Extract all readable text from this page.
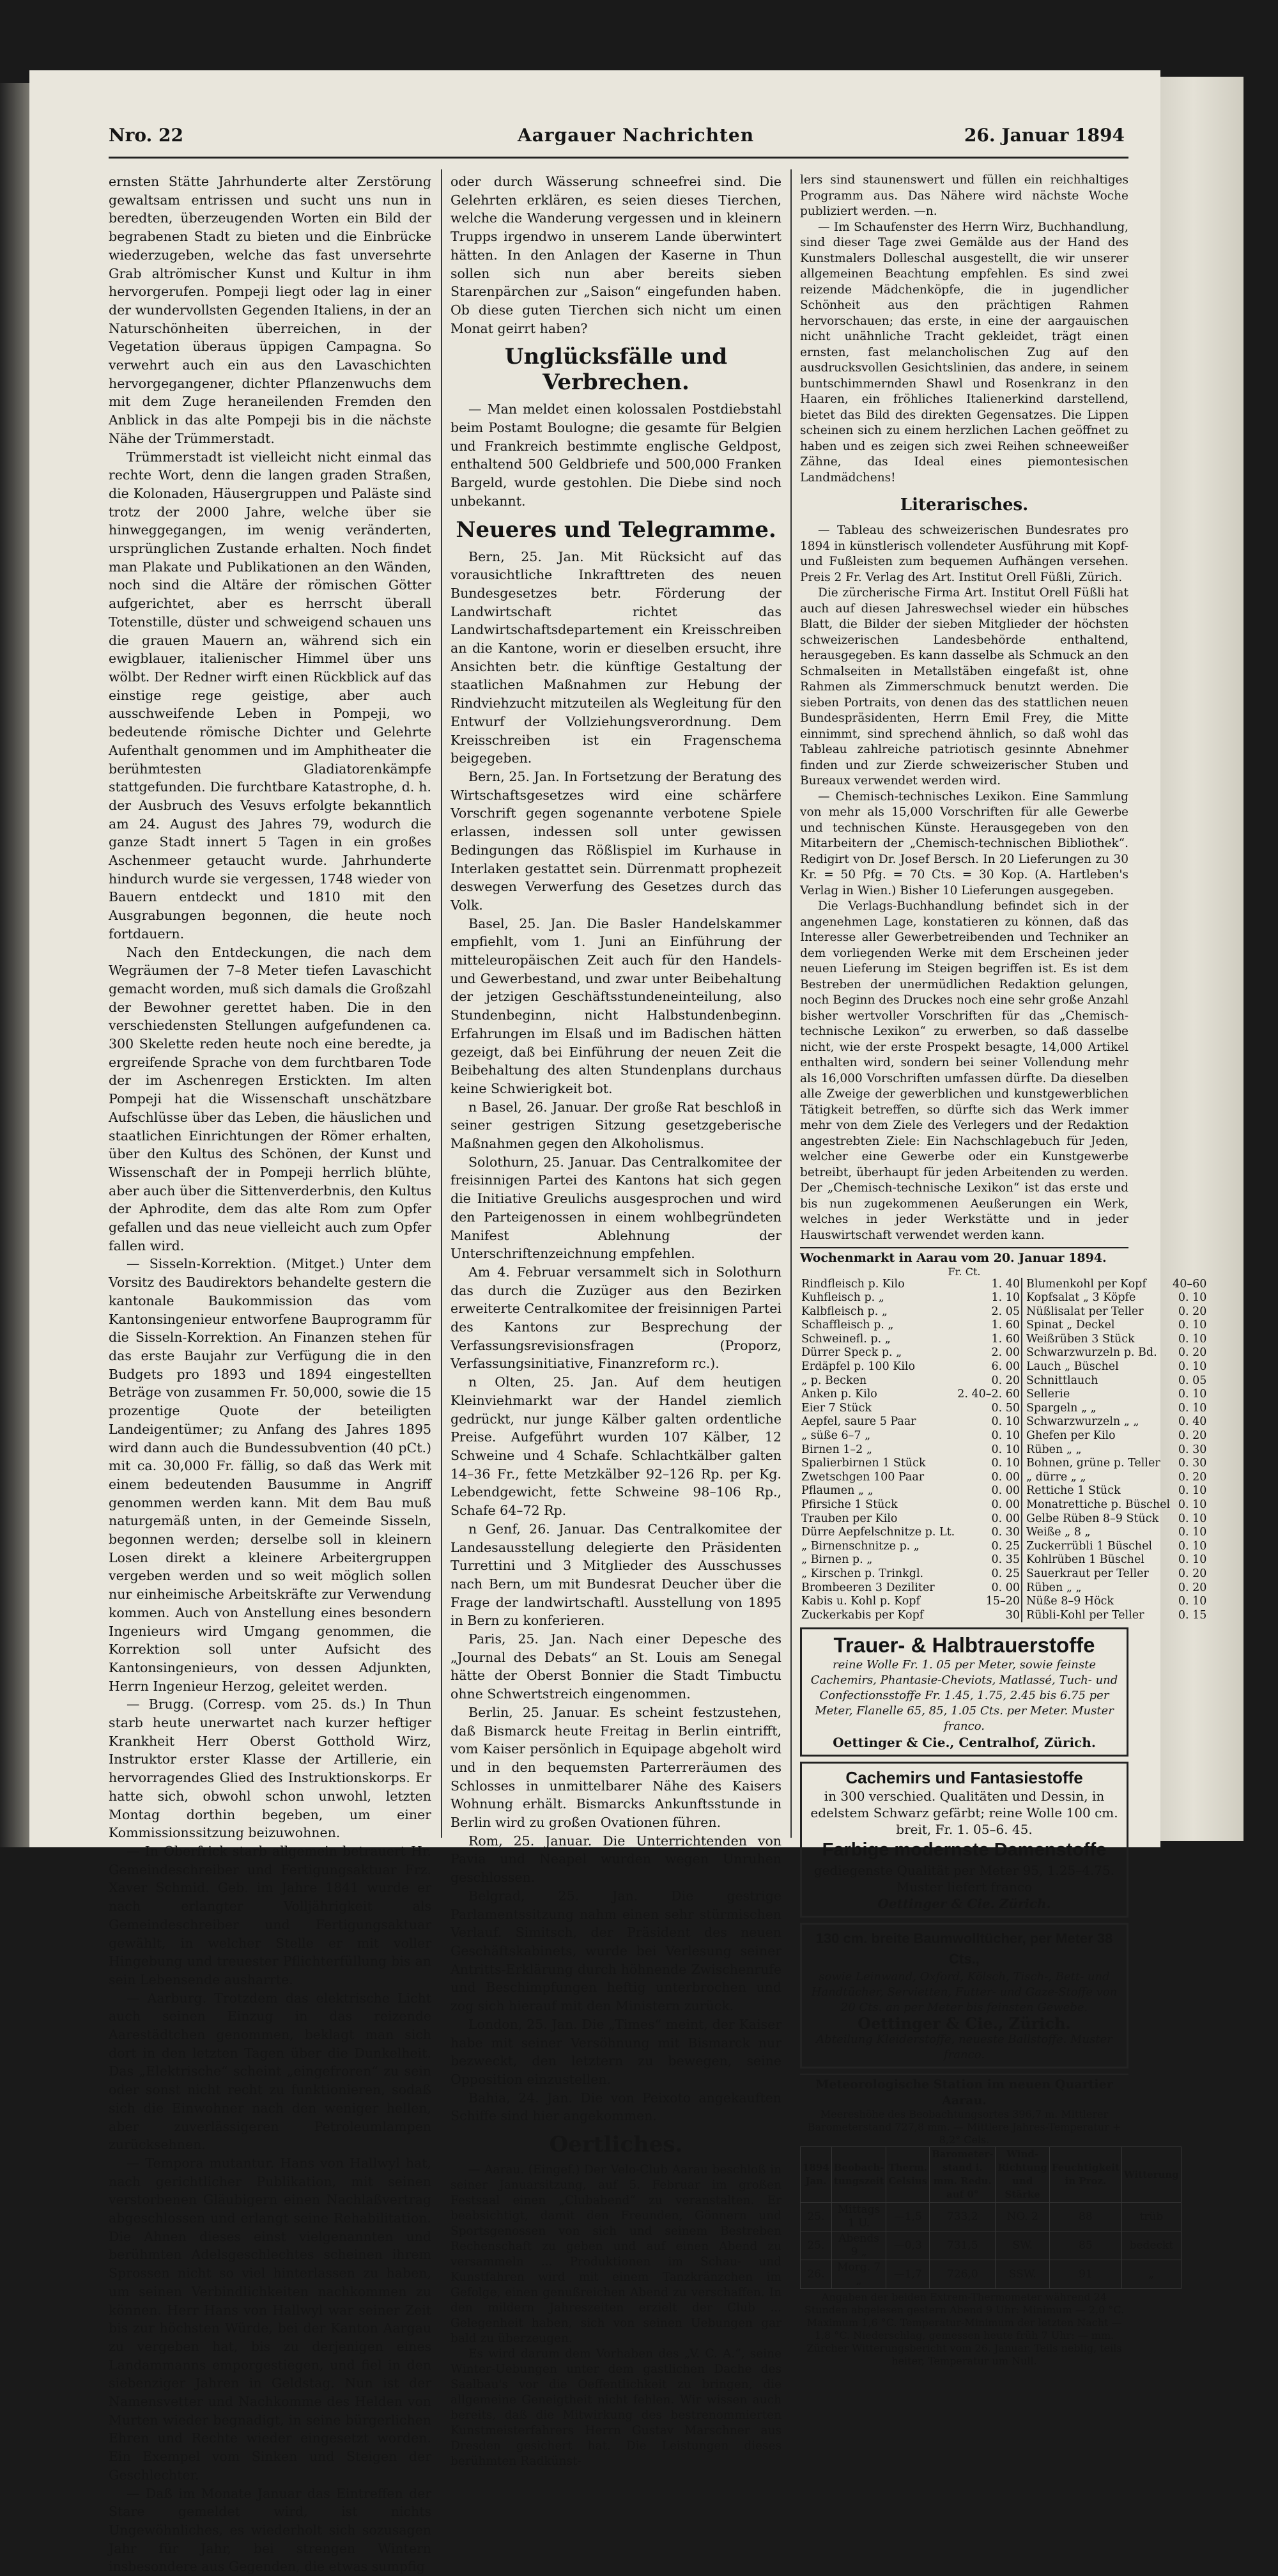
Nro. 22	Aargauer Nachrichten	26. Januar 1894

ernsten Stätte Jahrhunderte alter Zerstörung gewaltsam entrissen und sucht uns nun in beredten, überzeugenden Worten ein Bild der begrabenen Stadt zu bieten und die Einbrücke wiederzugeben, welche das fast unversehrte Grab altrömischer Kunst und Kultur in ihm hervorgerufen. Pompeji liegt oder lag in einer der wundervollsten Gegenden Italiens, in der an Naturschönheiten überreichen, in der Vegetation überaus üppigen Campagna. So verwehrt auch ein aus den Lavaschichten hervorgegangener, dichter Pflanzenwuchs dem mit dem Zuge heraneilenden Fremden den Anblick in das alte Pompeji bis in die nächste Nähe der Trümmerstadt.

Trümmerstadt ist vielleicht nicht einmal das rechte Wort, denn die langen graden Straßen, die Kolonaden, Häusergruppen und Paläste sind trotz der 2000 Jahre, welche über sie hinweggegangen, im wenig veränderten, ursprünglichen Zustande erhalten. Noch findet man Plakate und Publikationen an den Wänden, noch sind die Altäre der römischen Götter aufgerichtet, aber es herrscht überall Totenstille, düster und schweigend schauen uns die grauen Mauern an, während sich ein ewigblauer, italienischer Himmel über uns wölbt. Der Redner wirft einen Rückblick auf das einstige rege geistige, aber auch ausschweifende Leben in Pompeji, wo bedeutende römische Dichter und Gelehrte Aufenthalt genommen und im Amphitheater die berühmtesten Gladiatorenkämpfe stattgefunden. Die furchtbare Katastrophe, d. h. der Ausbruch des Vesuvs erfolgte bekanntlich am 24. August des Jahres 79, wodurch die ganze Stadt innert 5 Tagen in ein großes Aschenmeer getaucht wurde. Jahrhunderte hindurch wurde sie vergessen, 1748 wieder von Bauern entdeckt und 1810 mit den Ausgrabungen begonnen, die heute noch fortdauern.

Nach den Entdeckungen, die nach dem Wegräumen der 7–8 Meter tiefen Lavaschicht gemacht worden, muß sich damals die Großzahl der Bewohner gerettet haben. Die in den verschiedensten Stellungen aufgefundenen ca. 300 Skelette reden heute noch eine beredte, ja ergreifende Sprache von dem furchtbaren Tode der im Aschenregen Erstickten. Im alten Pompeji hat die Wissenschaft unschätzbare Aufschlüsse über das Leben, die häuslichen und staatlichen Einrichtungen der Römer erhalten, über den Kultus des Schönen, der Kunst und Wissenschaft der in Pompeji herrlich blühte, aber auch über die Sittenverderbnis, den Kultus der Aphrodite, dem das alte Rom zum Opfer gefallen und das neue vielleicht auch zum Opfer fallen wird.

— Sisseln-Korrektion. (Mitget.) Unter dem Vorsitz des Baudirektors behandelte gestern die kantonale Baukommission das vom Kantonsingenieur entworfene Bauprogramm für die Sisseln-Korrektion. An Finanzen stehen für das erste Baujahr zur Verfügung die in den Budgets pro 1893 und 1894 eingestellten Beträge von zusammen Fr. 50,000, sowie die 15 prozentige Quote der beteiligten Landeigentümer; zu Anfang des Jahres 1895 wird dann auch die Bundessubvention (40 pCt.) mit ca. 30,000 Fr. fällig, so daß das Werk mit einem bedeutenden Bausumme in Angriff genommen werden kann. Mit dem Bau muß naturgemäß unten, in der Gemeinde Sisseln, begonnen werden; derselbe soll in kleinern Losen direkt a kleinere Arbeitergruppen vergeben werden und so weit möglich sollen nur einheimische Arbeitskräfte zur Verwendung kommen. Auch von Anstellung eines besondern Ingenieurs wird Umgang genommen, die Korrektion soll unter Aufsicht des Kantonsingenieurs, von dessen Adjunkten, Herrn Ingenieur Herzog, geleitet werden.

— Brugg. (Corresp. vom 25. ds.) In Thun starb heute unerwartet nach kurzer heftiger Krankheit Herr Oberst Gotthold Wirz, Instruktor erster Klasse der Artillerie, ein hervorragendes Glied des Instruktionskorps. Er hatte sich, obwohl schon unwohl, letzten Montag dorthin begeben, um einer Kommissionssitzung beizuwohnen.

— In Oberfrick starb allgemein betrauert Hr. Gemeindeschreiber und Fertigungsaktuar Frz. Xaver Schmid. Geb. im Jahre 1841 wurde er nach erlangter Volljährigkeit als Gemeindeschreiber und Fertigungsaktuar gewählt, in welcher Stelle er mit voller Hingebung und treuester Pflichterfüllung bis an sein Lebensende ausharrte.

— Aarburg. Trotzdem das elektrische Licht auch seinen Einzug in das reizende Aarestädtchen genommen, beklagt man sich dort in den letzten Tagen über die Dunkelheit. Das „Elektrische“ scheint „eingefroren“ zu sein oder sonst nicht recht zu funktionieren, sodaß sich die Einwohner nach den weniger hellen, aber zuverlässigeren Petroleumlampen zurücksehnen.

— Tempora mutantur. Hans von Hallwyl hat, nach gerichtlicher Publikation, mit seinen verstorbenen Gläubigern einen Nachlaßvertrag abgeschlossen und erlangt seine Rehabilitation. Die Ahnen dieses einst vielgenannten und berühmten Adelsgeschlechtes scheinen ihrem Sprossen nicht so viel hinterlassen zu haben, um seinen Verbindlichkeiten nachkommen zu können. Herr Hans von Hallwyl war seiner Zeit bis zur höchsten Würde, bei der Kanton Aargau zu vergeben hat, bis zu derjenigen eines Landammanns emporgestiegen, und fiel in den siebenziger Jahren in Geldstag. Nun ist der Namensvetter und Nachkomme des Helden von Murten wieder begnadigt, in seine bürgerlichen Ehren und Rechte wieder eingesetzt worden. Ein Exempel vom Sinken und Steigen der Geschlechter.

— Daß im Monate Januar das Eintreffen der Stare gemeldet wird, ist nichts Ungewöhnliches, es wiederholt sich sozusagen Jahr für Jahr, bei strengen Wintern insbesondere aus Gegenden, die etwas sumpfig

oder durch Wässerung schneefrei sind. Die Gelehrten erklären, es seien dieses Tierchen, welche die Wanderung vergessen und in kleinern Trupps irgendwo in unserem Lande überwintert hätten. In den Anlagen der Kaserne in Thun sollen sich nun aber bereits sieben Starenpärchen zur „Saison“ eingefunden haben. Ob diese guten Tierchen sich nicht um einen Monat geirrt haben?

Unglücksfälle und Verbrechen.

— Man meldet einen kolossalen Postdiebstahl beim Postamt Boulogne; die gesamte für Belgien und Frankreich bestimmte englische Geldpost, enthaltend 500 Geldbriefe und 500,000 Franken Bargeld, wurde gestohlen. Die Diebe sind noch unbekannt.

Neueres und Telegramme.

Bern, 25. Jan. Mit Rücksicht auf das vorausichtliche Inkrafttreten des neuen Bundesgesetzes betr. Förderung der Landwirtschaft richtet das Landwirtschaftsdepartement ein Kreisschreiben an die Kantone, worin er dieselben ersucht, ihre Ansichten betr. die künftige Gestaltung der staatlichen Maßnahmen zur Hebung der Rindviehzucht mitzuteilen als Wegleitung für den Entwurf der Vollziehungsverordnung. Dem Kreisschreiben ist ein Fragenschema beigegeben.

Bern, 25. Jan. In Fortsetzung der Beratung des Wirtschaftsgesetzes wird eine schärfere Vorschrift gegen sogenannte verbotene Spiele erlassen, indessen soll unter gewissen Bedingungen das Rößlispiel im Kurhause in Interlaken gestattet sein. Dürrenmatt prophezeit deswegen Verwerfung des Gesetzes durch das Volk.

Basel, 25. Jan. Die Basler Handelskammer empfiehlt, vom 1. Juni an Einführung der mitteleuropäischen Zeit auch für den Handels- und Gewerbestand, und zwar unter Beibehaltung der jetzigen Geschäftsstundeneinteilung, also Stundenbeginn, nicht Halbstundenbeginn. Erfahrungen im Elsaß und im Badischen hätten gezeigt, daß bei Einführung der neuen Zeit die Beibehaltung des alten Stundenplans durchaus keine Schwierigkeit bot.

n Basel, 26. Januar. Der große Rat beschloß in seiner gestrigen Sitzung gesetzgeberische Maßnahmen gegen den Alkoholismus.

Solothurn, 25. Januar. Das Centralkomitee der freisinnigen Partei des Kantons hat sich gegen die Initiative Greulichs ausgesprochen und wird den Parteigenossen in einem wohlbegründeten Manifest Ablehnung der Unterschriftenzeichnung empfehlen.

Am 4. Februar versammelt sich in Solothurn das durch die Zuzüger aus den Bezirken erweiterte Centralkomitee der freisinnigen Partei des Kantons zur Besprechung der Verfassungsrevisionsfragen (Proporz, Verfassungsinitiative, Finanzreform rc.).

n Olten, 25. Jan. Auf dem heutigen Kleinviehmarkt war der Handel ziemlich gedrückt, nur junge Kälber galten ordentliche Preise. Aufgeführt wurden 107 Kälber, 12 Schweine und 4 Schafe. Schlachtkälber galten 14–36 Fr., fette Metzkälber 92–126 Rp. per Kg. Lebendgewicht, fette Schweine 98–106 Rp., Schafe 64–72 Rp.

n Genf, 26. Januar. Das Centralkomitee der Landesausstellung delegierte den Präsidenten Turrettini und 3 Mitglieder des Ausschusses nach Bern, um mit Bundesrat Deucher über die Frage der landwirtschaftl. Ausstellung von 1895 in Bern zu konferieren.

Paris, 25. Jan. Nach einer Depesche des „Journal des Debats“ an St. Louis am Senegal hätte der Oberst Bonnier die Stadt Timbuctu ohne Schwertstreich eingenommen.

Berlin, 25. Januar. Es scheint festzustehen, daß Bismarck heute Freitag in Berlin eintrifft, vom Kaiser persönlich in Equipage abgeholt wird und in den bequemsten Parterreräumen des Schlosses in unmittelbarer Nähe des Kaisers Wohnung erhält. Bismarcks Ankunftsstunde in Berlin wird zu großen Ovationen führen.

Rom, 25. Januar. Die Unterrichtenden von Pavia und Neapel wurden wegen Unruhen geschlossen.

Belgrad, 25. Jan. Die gestrige Parlamentssitzung nahm einen sehr stürmischen Verlauf. Simitsch, der Präsident des neuen Geschäftskabinets, wurde bei Verlesung seiner Antritts-Erklärung durch höhnende Zwischenrufe und Beschimpfungen heftig unterbrochen und zog sich hierauf mit den Ministern zurück.

London, 25. Jan. Die „Times“ meint, der Kaiser habe mit seiner Versöhnung mit Bismarck nur bezweckt, den letztern zu bewegen, seine Opposition einzustellen.

Bahia, 24. Jan. Die von Peixoto angekauften Schiffe sind hier angekommen.

Oertliches.

— Aarau. (Eingef.) Der Velo-Club Aarau beschloß in seiner Januarsitzung, auf 5. Februar im großen Festsaal einen „Clubabend“ zu veranstalten. Er beabsichtigt, damit den Freunden, Gönnern und Sportsgenossen von sich und seinem Bestreben Rechenschaft zu geben und auf einen Abend zu versammeln ... Produktionen im Schau- und Kunstfahren wird mit einem Tanzkränzchen im Gefolge, einen genußreichen Abend zu verschaffen. In den mildern Jahreszeiten erzielt der Club ... Gelegenheit haben, sich von seinen Uebungen gar bald zu überzeugen.

Es wird darum dem Vorhaben des „V. C. A.“, seine Winter-Uebungen unter dem gastlichen Dache des Saalbau's vor die Oeffentlichkeit zu bringen, die allgemeine Geneigtheit nicht fehlen. Wir wissen auch bereits, daß die Mitwirkung des bestrenommierten Kunstmeisterfahrers Herrn Gustav Marschner aus Dresden gesichert hat. Die Leistungen dieses berühmten Radkünst-

lers sind staunenswert und füllen ein reichhaltiges Programm aus. Das Nähere wird nächste Woche publiziert werden. —n.

— Im Schaufenster des Herrn Wirz, Buchhandlung, sind dieser Tage zwei Gemälde aus der Hand des Kunstmalers Dolleschal ausgestellt, die wir unserer allgemeinen Beachtung empfehlen. Es sind zwei reizende Mädchenköpfe, die in jugendlicher Schönheit aus den prächtigen Rahmen hervorschauen; das erste, in eine der aargauischen nicht unähnliche Tracht gekleidet, trägt einen ernsten, fast melancholischen Zug auf den ausdrucksvollen Gesichtslinien, das andere, in seinem buntschimmernden Shawl und Rosenkranz in den Haaren, ein fröhliches Italienerkind darstellend, bietet das Bild des direkten Gegensatzes. Die Lippen scheinen sich zu einem herzlichen Lachen geöffnet zu haben und es zeigen sich zwei Reihen schneeweißer Zähne, das Ideal eines piemontesischen Landmädchens!

Literarisches.

— Tableau des schweizerischen Bundesrates pro 1894 in künstlerisch vollendeter Ausführung mit Kopf- und Fußleisten zum bequemen Aufhängen versehen. Preis 2 Fr. Verlag des Art. Institut Orell Füßli, Zürich.

Die zürcherische Firma Art. Institut Orell Füßli hat auch auf diesen Jahreswechsel wieder ein hübsches Blatt, die Bilder der sieben Mitglieder der höchsten schweizerischen Landesbehörde enthaltend, herausgegeben. Es kann dasselbe als Schmuck an den Schmalseiten in Metallstäben eingefaßt ist, ohne Rahmen als Zimmerschmuck benutzt werden. Die sieben Portraits, von denen das des stattlichen neuen Bundespräsidenten, Herrn Emil Frey, die Mitte einnimmt, sind sprechend ähnlich, so daß wohl das Tableau zahlreiche patriotisch gesinnte Abnehmer finden und zur Zierde schweizerischer Stuben und Bureaux verwendet werden wird.

— Chemisch-technisches Lexikon. Eine Sammlung von mehr als 15,000 Vorschriften für alle Gewerbe und technischen Künste. Herausgegeben von den Mitarbeitern der „Chemisch-technischen Bibliothek“. Redigirt von Dr. Josef Bersch. In 20 Lieferungen zu 30 Kr. = 50 Pfg. = 70 Cts. = 30 Kop. (A. Hartleben's Verlag in Wien.) Bisher 10 Lieferungen ausgegeben.

Die Verlags-Buchhandlung befindet sich in der angenehmen Lage, konstatieren zu können, daß das Interesse aller Gewerbetreibenden und Techniker an dem vorliegenden Werke mit dem Erscheinen jeder neuen Lieferung im Steigen begriffen ist. Es ist dem Bestreben der unermüdlichen Redaktion gelungen, noch Beginn des Druckes noch eine sehr große Anzahl bisher wertvoller Vorschriften für das „Chemisch-technische Lexikon“ zu erwerben, so daß dasselbe nicht, wie der erste Prospekt besagte, 14,000 Artikel enthalten wird, sondern bei seiner Vollendung mehr als 16,000 Vorschriften umfassen dürfte. Da dieselben alle Zweige der gewerblichen und kunstgewerblichen Tätigkeit betreffen, so dürfte sich das Werk immer mehr von dem Ziele des Verlegers und der Redaktion angestrebten Ziele: Ein Nachschlagebuch für Jeden, welcher eine Gewerbe oder ein Kunstgewerbe betreibt, überhaupt für jeden Arbeitenden zu werden. Der „Chemisch-technische Lexikon“ ist das erste und bis nun zugekommenen Aeußerungen ein Werk, welches in jeder Werkstätte und in jeder Hauswirtschaft verwendet werden kann.

Wochenmarkt in Aarau vom 20. Januar 1894.
Fr. Ct.
Rindfleisch p. Kilo	1. 40	Blumenkohl per Kopf	40–60
Kuhfleisch p. „	1. 10	Kopfsalat „ 3 Köpfe	0. 10
Kalbfleisch p. „	2. 05	Nüßlisalat per Teller	0. 20
Schaffleisch p. „	1. 60	Spinat „ Deckel	0. 10
Schweinefl. p. „	1. 60	Weißrüben 3 Stück	0. 10
Dürrer Speck p. „	2. 00	Schwarzwurzeln p. Bd.	0. 20
Erdäpfel p. 100 Kilo	6. 00	Lauch „ Büschel	0. 10
„ p. Becken	0. 20	Schnittlauch	0. 05
Anken p. Kilo	2. 40–2. 60	Sellerie	0. 10
Eier 7 Stück	0. 50	Spargeln „ „	0. 10
Aepfel, saure 5 Paar	0. 10	Schwarzwurzeln „ „	0. 40
„ süße 6–7 „	0. 10	Ghefen per Kilo	0. 20
Birnen 1–2 „	0. 10	Rüben „ „	0. 30
Spalierbirnen 1 Stück	0. 10	Bohnen, grüne p. Teller	0. 30
Zwetschgen 100 Paar	0. 00	„ dürre „ „	0. 20
Pflaumen „ „	0. 00	Rettiche 1 Stück	0. 10
Pfirsiche 1 Stück	0. 00	Monatrettiche p. Büschel	0. 10
Trauben per Kilo	0. 00	Gelbe Rüben 8–9 Stück	0. 10
Dürre Aepfelschnitze p. Lt.	0. 30	Weiße „ 8 „	0. 10
„ Birnenschnitze p. „	0. 25	Zuckerrübli 1 Büschel	0. 10
„ Birnen p. „	0. 35	Kohlrüben 1 Büschel	0. 10
„ Kirschen p. Trinkgl.	0. 25	Sauerkraut per Teller	0. 20
Brombeeren 3 Deziliter	0. 00	Rüben „ „	0. 20
Kabis u. Kohl p. Kopf	15–20	Nüße 8–9 Höck	0. 10
Zuckerkabis per Kopf	30	Rübli-Kohl per Teller	0. 15
Trauer- & Halbtrauerstoffe
reine Wolle Fr. 1. 05 per Meter, sowie feinste Cachemirs, Phantasie-Cheviots, Matlassé, Tuch- und Confectionsstoffe Fr. 1.45, 1.75, 2.45 bis 6.75 per Meter, Flanelle 65, 85, 1.05 Cts. per Meter. Muster franco.
Oettinger & Cie., Centralhof, Zürich.
Cachemirs und Fantasiestoffe
in 300 verschied. Qualitäten und Dessin, in edelstem Schwarz gefärbt; reine Wolle 100 cm. breit, Fr. 1. 05–6. 45.
Farbige modernste Damenstoffe
gediegenste Qualität per Meter 95, 1.25–4.75. Muster liefert franco
Oettinger & Cie. Zürich.
130 cm. breite Baumwolltücher, per Meter 38 Cts.,
sowie Leinwand, Oxford, Kölsch, Tisch-, Bett- und Handtücher, Servietten, Futter- und Gaze-Stoffe von 20 Cts. an per Meter bis feinsten Gewebe.
Oettinger & Cie., Zürich.
Abteilung Kleiderstoffe, neueste Ballstoffe. Muster franco.
Meteorologische Station im neuen Quartier Aarau.
Meereshöhe des Beobachtungsortes 396,7 m. Mittlerer Barometerstand 727,8 mm. — Mittlere Jahres-Temperatur + 8,2° Cels.
1894 Jan.	Beobach-tungszeit	Therm. Celsius	Barometer-stand i. mm. Redu. auf 0°	Wind-Richtung und Stärke	Feuchtigkeit in Proz.	Witterung
25.	Mittags 1 U.	—1,5	733,2	NO. 2	88	trüb
25.	Abends 9 „	—0,3	731,5	SW.	85	bedeckt
26.	Morg. 7 „	—1,7	726,0	SSW.	91	„
Angaben der beiden Extrem-Thermometer während 24 Stunden abgelesen gestern Abend 9 Uhr: Minimum — 2,0 °C. Maximum 1,6 °C. Temperatur-Minimum der letzten Nacht — 1,8 °C. Niederschlag, gemessen heute früh 7 Uhr: — mm. Zürcher Witterungsbericht vom 26. Januar. Teils neblig, teils heiter, Temperatur um Null.
